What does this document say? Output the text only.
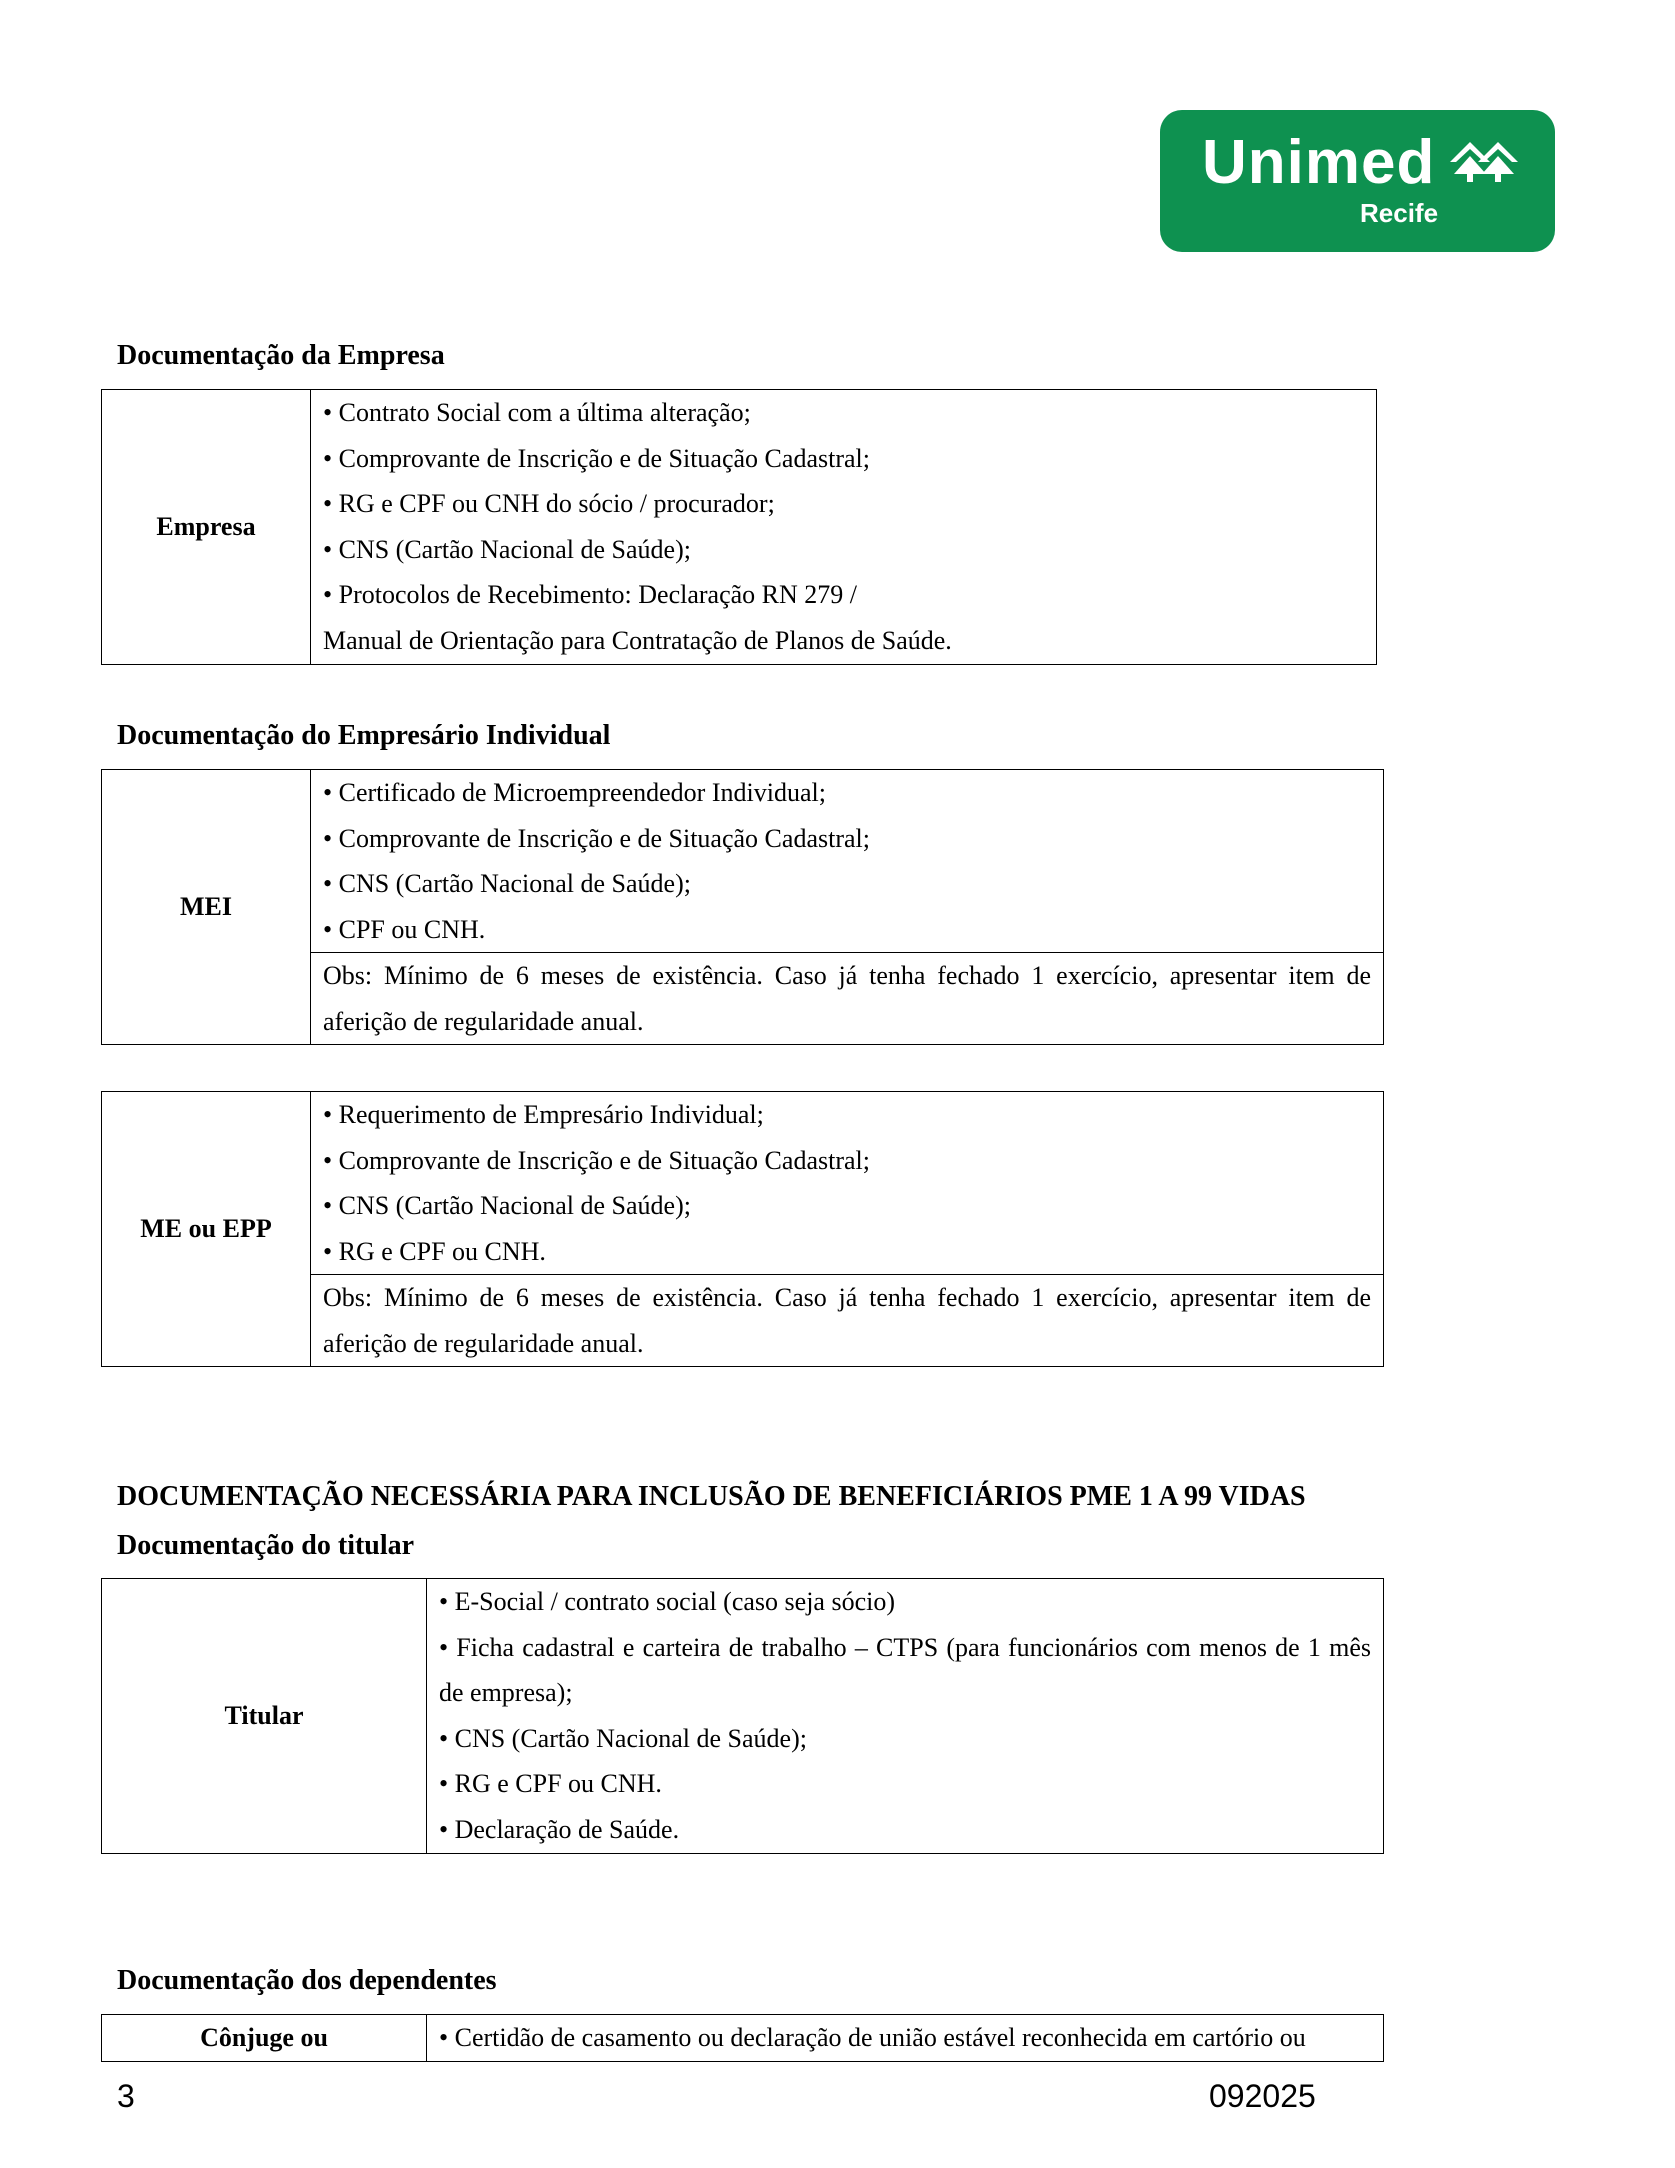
Unimed
Recife
Documentação da Empresa
Empresa	
• Contrato Social com a última alteração;
• Comprovante de Inscrição e de Situação Cadastral;
• RG e CPF ou CNH do sócio / procurador;
• CNS (Cartão Nacional de Saúde);
• Protocolos de Recebimento: Declaração RN 279 /
Manual de Orientação para Contratação de Planos de Saúde.
Documentação do Empresário Individual
MEI	
• Certificado de Microempreendedor Individual;
• Comprovante de Inscrição e de Situação Cadastral;
• CNS (Cartão Nacional de Saúde);
• CPF ou CNH.

Obs: Mínimo de 6 meses de existência. Caso já tenha fechado 1 exercício, apresentar item de aferição de regularidade anual.
ME ou EPP	
• Requerimento de Empresário Individual;
• Comprovante de Inscrição e de Situação Cadastral;
• CNS (Cartão Nacional de Saúde);
• RG e CPF ou CNH.

Obs: Mínimo de 6 meses de existência. Caso já tenha fechado 1 exercício, apresentar item de aferição de regularidade anual.
DOCUMENTAÇÃO NECESSÁRIA PARA INCLUSÃO DE BENEFICIÁRIOS PME 1 A 99 VIDAS
Documentação do titular
Titular	
• E-Social / contrato social (caso seja sócio)
• Ficha cadastral e carteira de trabalho – CTPS (para funcionários com menos de 1 mês de empresa);
• CNS (Cartão Nacional de Saúde);
• RG e CPF ou CNH.
• Declaração de Saúde.
Documentação dos dependentes
Cônjuge ou	• Certidão de casamento ou declaração de união estável reconhecida em cartório ou
3	092025
